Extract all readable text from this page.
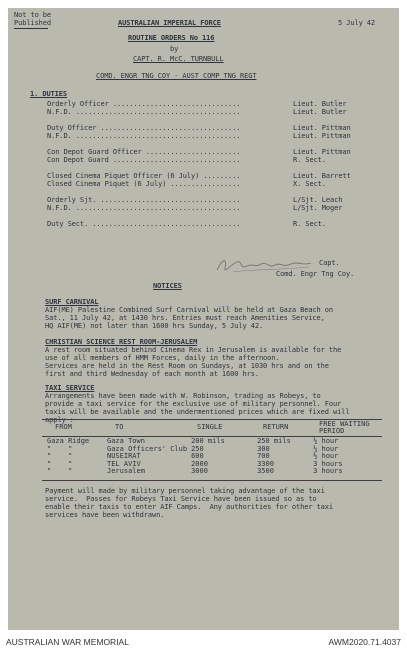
Not to be
Published	AUSTRALIAN IMPERIAL FORCE	5 July 42
ROUTINE ORDERS No 116
by
CAPT. R. McC. TURNBULL
COMD. ENGR TNG COY - AUST COMP TNG REGT
1. DUTIES
Orderly Officer ...............................	Lieut. Butler
N.F.D. ........................................	Lieut. Butler
Duty Officer ..................................	Lieut. Pittman
N.F.D. ........................................	Lieut. Pittman
Con Depot Guard Officer .......................	Lieut. Pittman
Con Depot Guard ...............................	R. Sect.
Closed Cinema Piquet Officer (6 July) .........	Lieut. Barrett
Closed Cinema Piquet (6 July) .................	X. Sect.
Orderly Sjt. ..................................	L/Sjt. Leach
N.F.D. ........................................	L/Sjt. Moger
Duty Sect. ....................................	R. Sect.
Capt.
Comd. Engr Tng Coy.
NOTICES
SURF CARNIVAL
AIF(ME) Palestine Combined Surf Carnival will be held at Gaza Beach on
Sat., 11 July 42, at 1430 hrs. Entries must reach Amenities Service,
HQ AIF(ME) not later than 1600 hrs Sunday, 5 July 42.
CHRISTIAN SCIENCE REST ROOM-JERUSALEM
A rest room situated behind Cinema Rex in Jerusalem is available for the
use of all members of HMM Forces, daily in the afternoon.
Services are held in the Rest Room on Sundays, at 1030 hrs and on the
first and third Wednesday of each month at 1600 hrs.
TAXI SERVICE
Arrangements have been made with W. Robinson, trading as Robeys, to
provide a taxi service for the exclusive use of military personnel. Four
taxis will be available and the undermentioned prices which are fixed will
apply :-
FROM	TO	SINGLE	RETURN	FREE WAITING PERIOD
Gaza Ridge	Gaza Town	200 mils	250 mils	½ hour
"    "	Gaza Officers' Club	250	300	½ hour
"    "	NUSEIRAT	600	700	½ hour
"    "	TEL AVIV	2000	3300	3 hours
"    "	Jerusalem	3000	3500	3 hours
Payment will made by military personnel taking advantage of the taxi
service.  Passes for Robeys Taxi Service have been issued so as to
enable their taxis to enter AIF Camps.  Any authorities for other taxi
services have been withdrawn.
AUSTRALIAN WAR MEMORIAL	AWM2020.71.4037
